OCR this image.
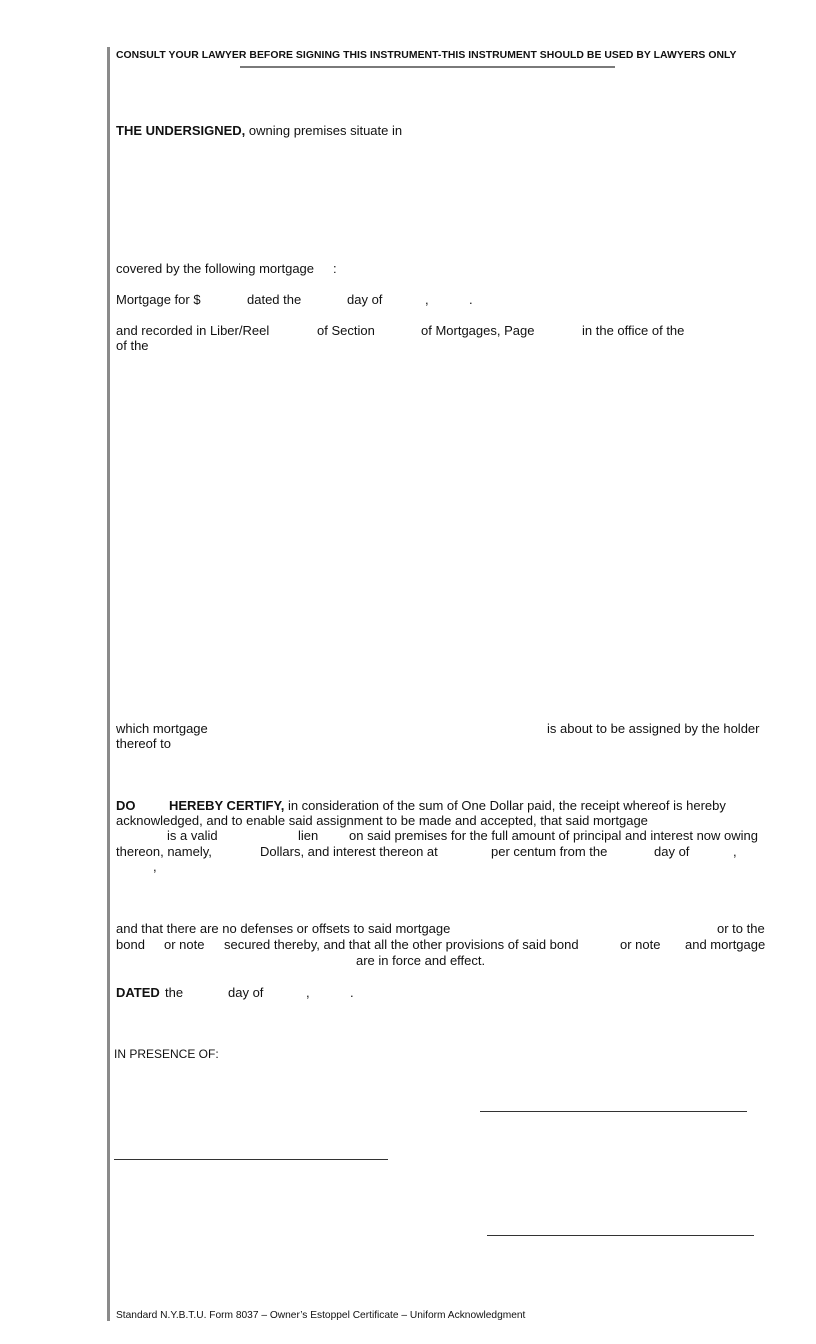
CONSULT YOUR LAWYER BEFORE SIGNING THIS INSTRUMENT-THIS INSTRUMENT SHOULD BE USED BY LAWYERS ONLY
THE UNDERSIGNED, owning premises situate in
covered by the following mortgage :
Mortgage for $	dated the	day of	,	.
and recorded in Liber/Reel	of Section	of Mortgages, Page	in the office of the
of the
which mortgage	is about to be assigned by the holder
thereof to
DO	HEREBY CERTIFY, in consideration of the sum of One Dollar paid, the receipt whereof is hereby
acknowledged, and to enable said assignment to be made and accepted, that said mortgage
is a valid	lien on said premises for the full amount of principal and interest now owing
thereon, namely,	Dollars, and interest thereon at	per centum from the	day of	,
,
and that there are no defenses or offsets to said mortgage	or to the
bond or note secured thereby, and that all the other provisions of said bond	or note and mortgage
are in force and effect.
DATED the	day of	,	.
IN PRESENCE OF:
Standard N.Y.B.T.U. Form 8037 – Owner’s Estoppel Certificate – Uniform Acknowledgment
